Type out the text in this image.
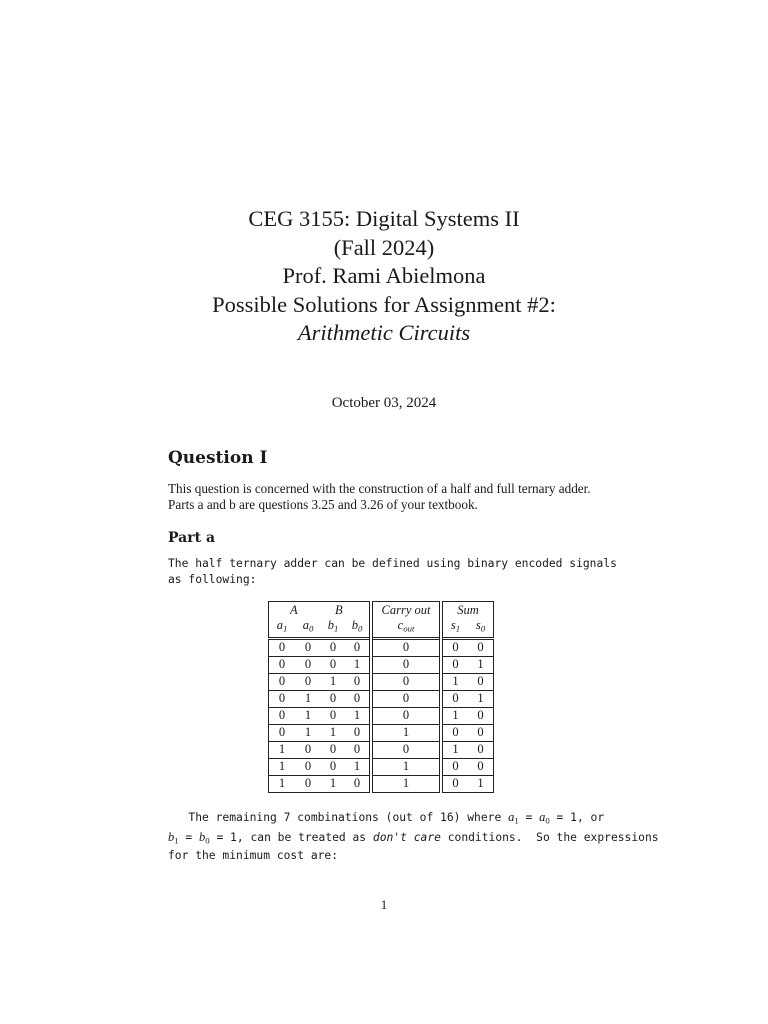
CEG 3155: Digital Systems II
(Fall 2024)
Prof. Rami Abielmona
Possible Solutions for Assignment #2:
Arithmetic Circuits
October 03, 2024
Question I
This question is concerned with the construction of a half and full ternary adder.
Parts a and b are questions 3.25 and 3.26 of your textbook.
Part a
The half ternary adder can be defined using binary encoded signals
as following:
	A		B	Carry out	Sum	
$a_1$	$a_0$	$b_1$	$b_0$	$c_{out}$	$s_1$	$s_0$
0	0	0	0	0	0	0
0	0	0	1	0	0	1
0	0	1	0	0	1	0
0	1	0	0	0	0	1
0	1	0	1	0	1	0
0	1	1	0	1	0	0
1	0	0	0	0	1	0
1	0	0	1	1	0	0
1	0	1	0	1	0	1
The remaining 7 combinations (out of 16) where $a_1 = a_0 = 1$, or
$b_1 = b_0 = 1$, can be treated as don't care conditions.  So the expressions
for the minimum cost are:
1
